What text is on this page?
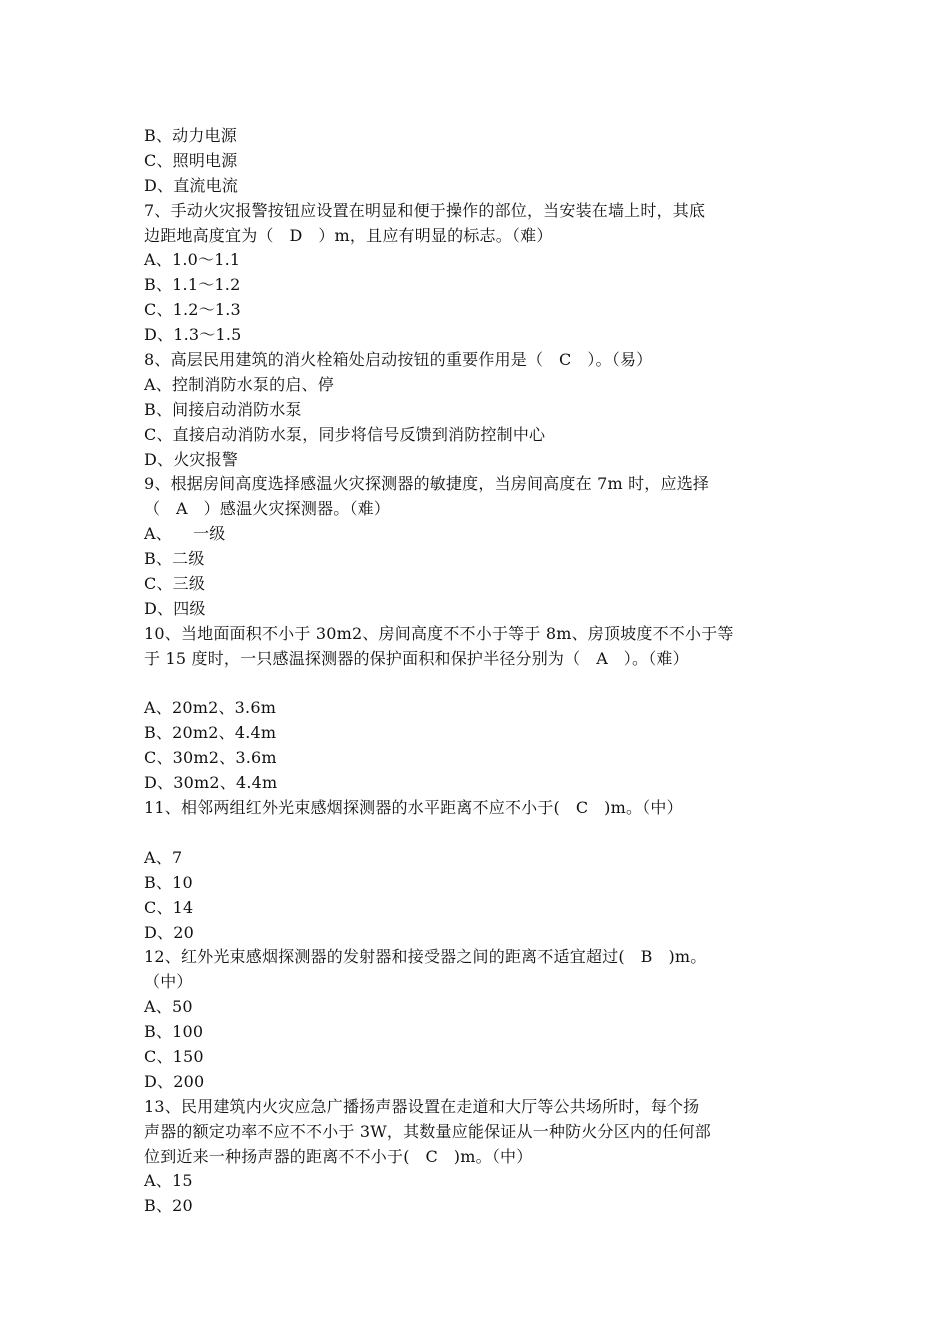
B、动力电源
C、照明电源
D、直流电流
7、手动火灾报警按钮应设置在明显和便于操作的部位，当安装在墙上时，其底
边距地高度宜为（   D   ）m，且应有明显的标志。（难）
A、1.0～1.1
B、1.1～1.2
C、1.2～1.3
D、1.3～1.5
8、高层民用建筑的消火栓箱处启动按钮的重要作用是（   C   ）。（易）
A、控制消防水泵的启、停
B、间接启动消防水泵
C、直接启动消防水泵，同步将信号反馈到消防控制中心
D、火灾报警
9、根据房间高度选择感温火灾探测器的敏捷度，当房间高度在 7m 时，应选择
（   A   ）感温火灾探测器。（难）
A、    一级
B、二级
C、三级
D、四级
10、当地面面积不小于 30m2、房间高度不不小于等于 8m、房顶坡度不不小于等
于 15 度时，一只感温探测器的保护面积和保护半径分别为（   A   ）。（难）
A、20m2、3.6m
B、20m2、4.4m
C、30m2、3.6m
D、30m2、4.4m
11、相邻两组红外光束感烟探测器的水平距离不应不小于(   C   )m。（中）
A、7
B、10
C、14
D、20
12、红外光束感烟探测器的发射器和接受器之间的距离不适宜超过(   B   )m。
（中）
A、50
B、100
C、150
D、200
13、民用建筑内火灾应急广播扬声器设置在走道和大厅等公共场所时，每个扬
声器的额定功率不应不不小于 3W，其数量应能保证从一种防火分区内的任何部
位到近来一种扬声器的距离不不小于(   C   )m。（中）
A、15
B、20
